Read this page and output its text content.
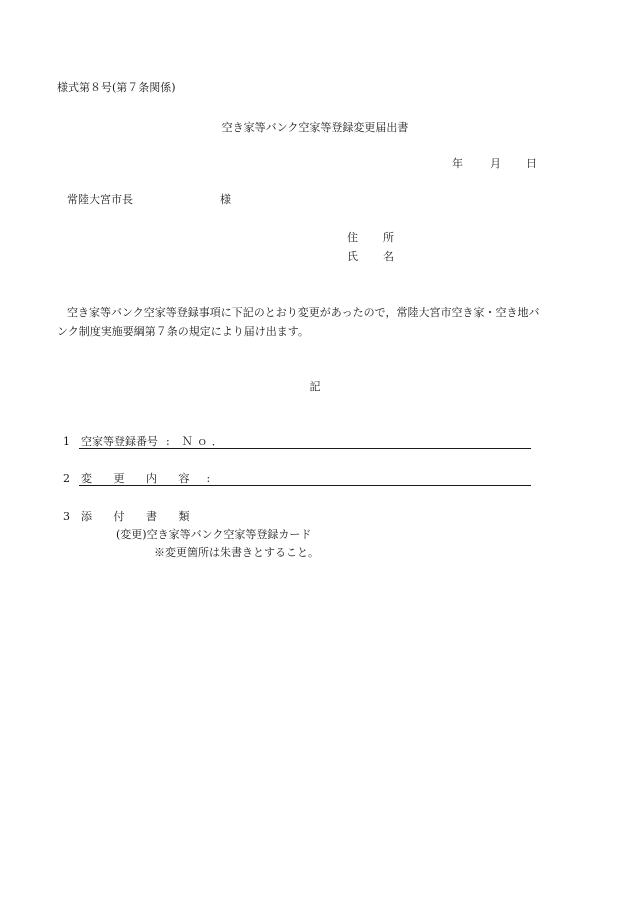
様式第８号(第７条関係)
空き家等バンク空家等登録変更届出書
年 月 日
常陸大宮市長	様
住 所
氏 名
空き家等バンク空家等登録事項に下記のとおり変更があったので，常陸大宮市空き家・空き地バ
ンク制度実施要綱第７条の規定により届け出ます。
記
1 空家等登録番号 : Ｎｏ．
2 変 更 内 容 :
3 添 付 書 類
(変更)空き家等バンク空家等登録カード
※変更箇所は朱書きとすること。
